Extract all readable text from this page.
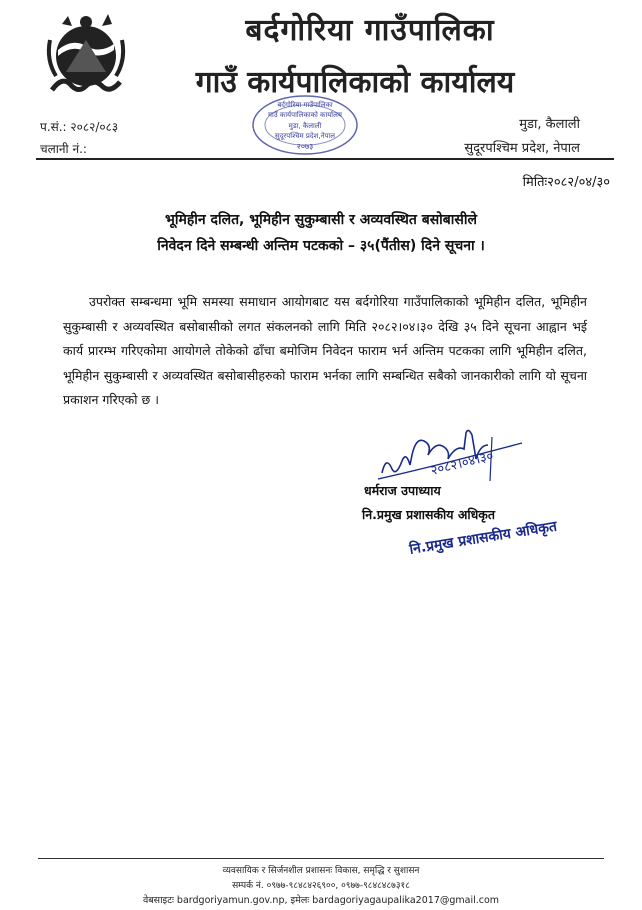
बर्दगोरिया गाउँपालिका
गाउँ कार्यपालिकाको कार्यालय
बर्दगोरिया गाउँपालिका
गाउँ कार्यपालिकाको कार्यालय
मुडा, कैलाली
सुदूरपश्चिम प्रदेश,नेपाल
२०७३
प.सं.: २०८२/०८३
चलानी नं.:
मुडा, कैलाली
सुदूरपश्चिम प्रदेश, नेपाल
मितिः२०८२/०४/३०
भूमिहीन दलित, भूमिहीन सुकुम्बासी र अव्यवस्थित बसोबासीले
निवेदन दिने सम्बन्धी अन्तिम पटकको – ३५(पैंतीस) दिने सूचना ।
उपरोक्त सम्बन्धमा भूमि समस्या समाधान आयोगबाट यस बर्दगोरिया गाउँपालिकाको भूमिहीन दलित, भूमिहीन सुकुम्बासी र अव्यवस्थित बसोबासीको लगत संकलनको लागि मिति २०८२।०४।३० देखि ३५ दिने सूचना आह्वान भई कार्य प्रारम्भ गरिएकोमा आयोगले तोकेको ढाँचा बमोजिम निवेदन फाराम भर्न अन्तिम पटकका लागि भूमिहीन दलित, भूमिहीन सुकुम्बासी र अव्यवस्थित बसोबासीहरुको फाराम भर्नका लागि सम्बन्धित सबैको जानकारीको लागि यो सूचना प्रकाशन गरिएको छ ।
२०८२।०४।३०
धर्मराज उपाध्याय
नि.प्रमुख प्रशासकीय अधिकृत
नि.प्रमुख प्रशासकीय अधिकृत
व्यवसायिक र सिर्जनशील प्रशासनः विकास, समृद्धि र सुशासन
सम्पर्क नं. ०९७७-९८४८४२६९००, ०९७७-९८४८४८७३१८
वेबसाइटः bardgoriyamun.gov.np, इमेलः bardagoriyagaupalika2017@gmail.com
